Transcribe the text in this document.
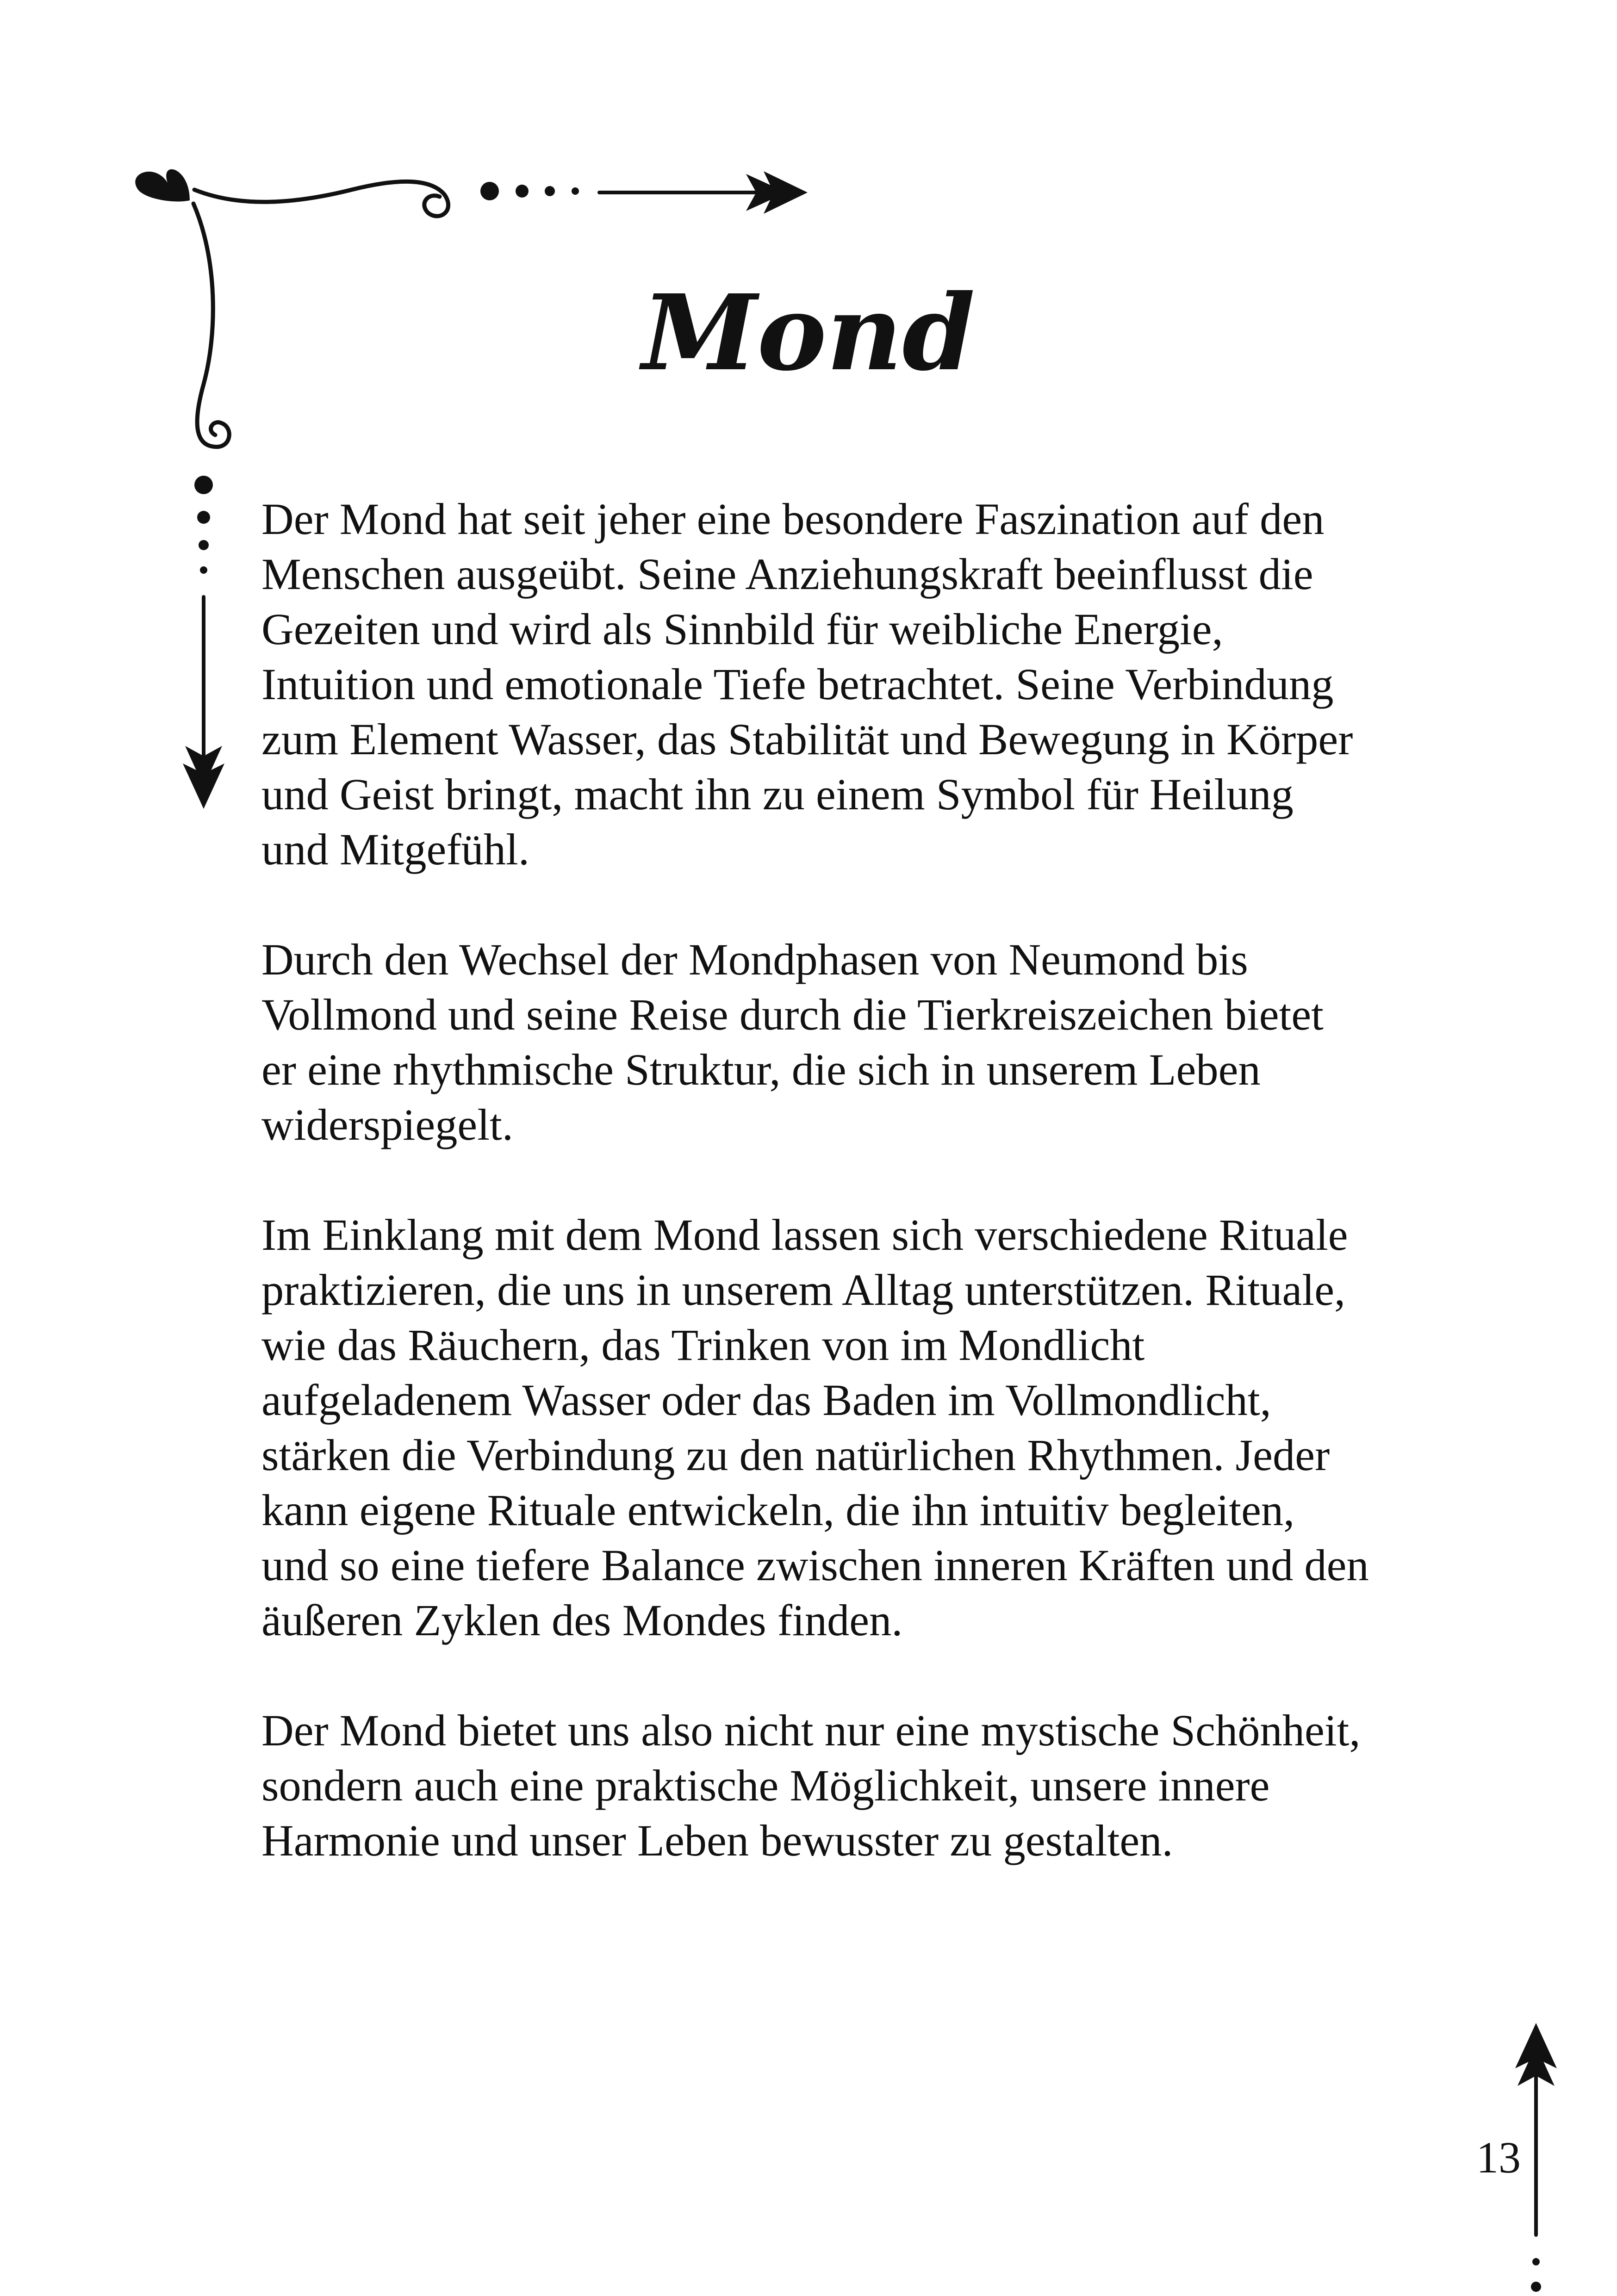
Mond

Der Mond hat seit jeher eine besondere Faszination auf den
Menschen ausgeübt. Seine Anziehungskraft beeinflusst die
Gezeiten und wird als Sinnbild für weibliche Energie,
Intuition und emotionale Tiefe betrachtet. Seine Verbindung
zum Element Wasser, das Stabilität und Bewegung in Körper
und Geist bringt, macht ihn zu einem Symbol für Heilung
und Mitgefühl.

Durch den Wechsel der Mondphasen von Neumond bis
Vollmond und seine Reise durch die Tierkreiszeichen bietet
er eine rhythmische Struktur, die sich in unserem Leben
widerspiegelt.

Im Einklang mit dem Mond lassen sich verschiedene Rituale
praktizieren, die uns in unserem Alltag unterstützen. Rituale,
wie das Räuchern, das Trinken von im Mondlicht
aufgeladenem Wasser oder das Baden im Vollmondlicht,
stärken die Verbindung zu den natürlichen Rhythmen. Jeder
kann eigene Rituale entwickeln, die ihn intuitiv begleiten,
und so eine tiefere Balance zwischen inneren Kräften und den
äußeren Zyklen des Mondes finden.

Der Mond bietet uns also nicht nur eine mystische Schönheit,
sondern auch eine praktische Möglichkeit, unsere innere
Harmonie und unser Leben bewusster zu gestalten.

13
